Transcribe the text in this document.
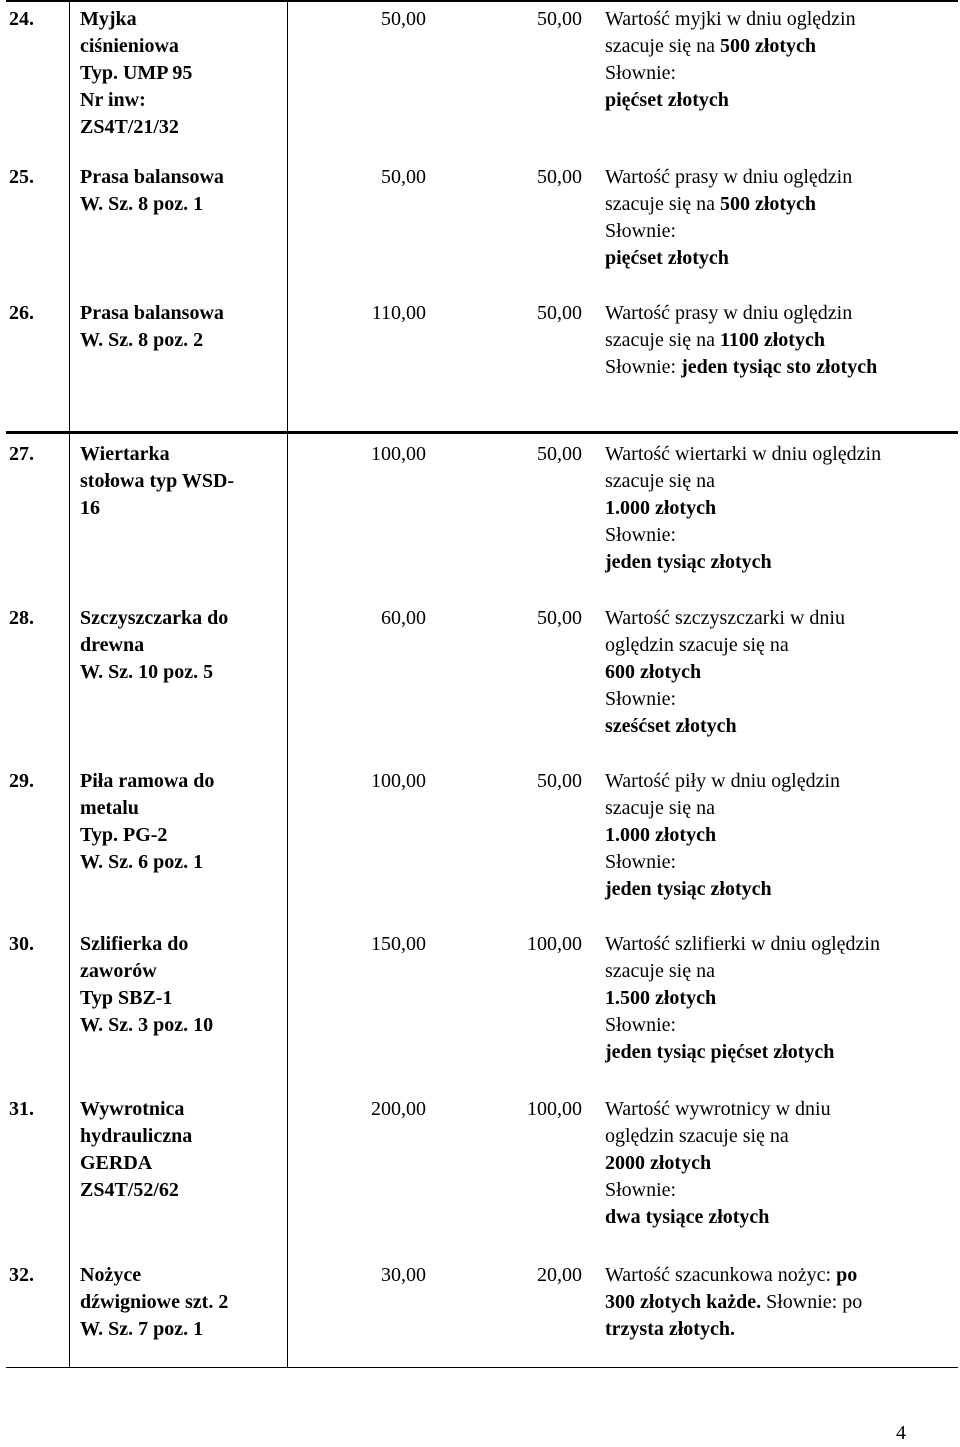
24.	Myjka
ciśnieniowa
Typ. UMP 95
Nr inw:
ZS4T/21/32
50,00	50,00 Wartość myjki w dniu oględzin
szacuje się na 500 złotych
Słownie:
pięćset złotych
25.	Prasa balansowa
W. Sz. 8 poz. 1
50,00	50,00 Wartość prasy w dniu oględzin
szacuje się na 500 złotych
Słownie:
pięćset złotych
26.	Prasa balansowa
W. Sz. 8 poz. 2
110,00	50,00 Wartość prasy w dniu oględzin
szacuje się na 1100 złotych
Słownie: jeden tysiąc sto złotych
27.	Wiertarka
stołowa typ WSD-
16
100,00	50,00 Wartość wiertarki w dniu oględzin
szacuje się na
1.000 złotych
Słownie:
jeden tysiąc złotych
28.	Szczyszczarka do
drewna
W. Sz. 10 poz. 5
60,00	50,00 Wartość szczyszczarki w dniu
oględzin szacuje się na
600 złotych
Słownie:
sześćset złotych
29.	Piła ramowa do
metalu
Typ. PG-2
W. Sz. 6 poz. 1
100,00	50,00 Wartość piły w dniu oględzin
szacuje się na
1.000 złotych
Słownie:
jeden tysiąc złotych
30.	Szlifierka do
zaworów
Typ SBZ-1
W. Sz. 3 poz. 10
150,00	100,00 Wartość szlifierki w dniu oględzin
szacuje się na
1.500 złotych
Słownie:
jeden tysiąc pięćset złotych
31.	Wywrotnica
hydrauliczna
GERDA
ZS4T/52/62
200,00	100,00 Wartość wywrotnicy w dniu
oględzin szacuje się na
2000 złotych
Słownie:
dwa tysiące złotych
32.	Nożyce
dźwigniowe szt. 2
W. Sz. 7 poz. 1
30,00	20,00 Wartość szacunkowa nożyc: po
300 złotych każde. Słownie: po
trzysta złotych.
4
